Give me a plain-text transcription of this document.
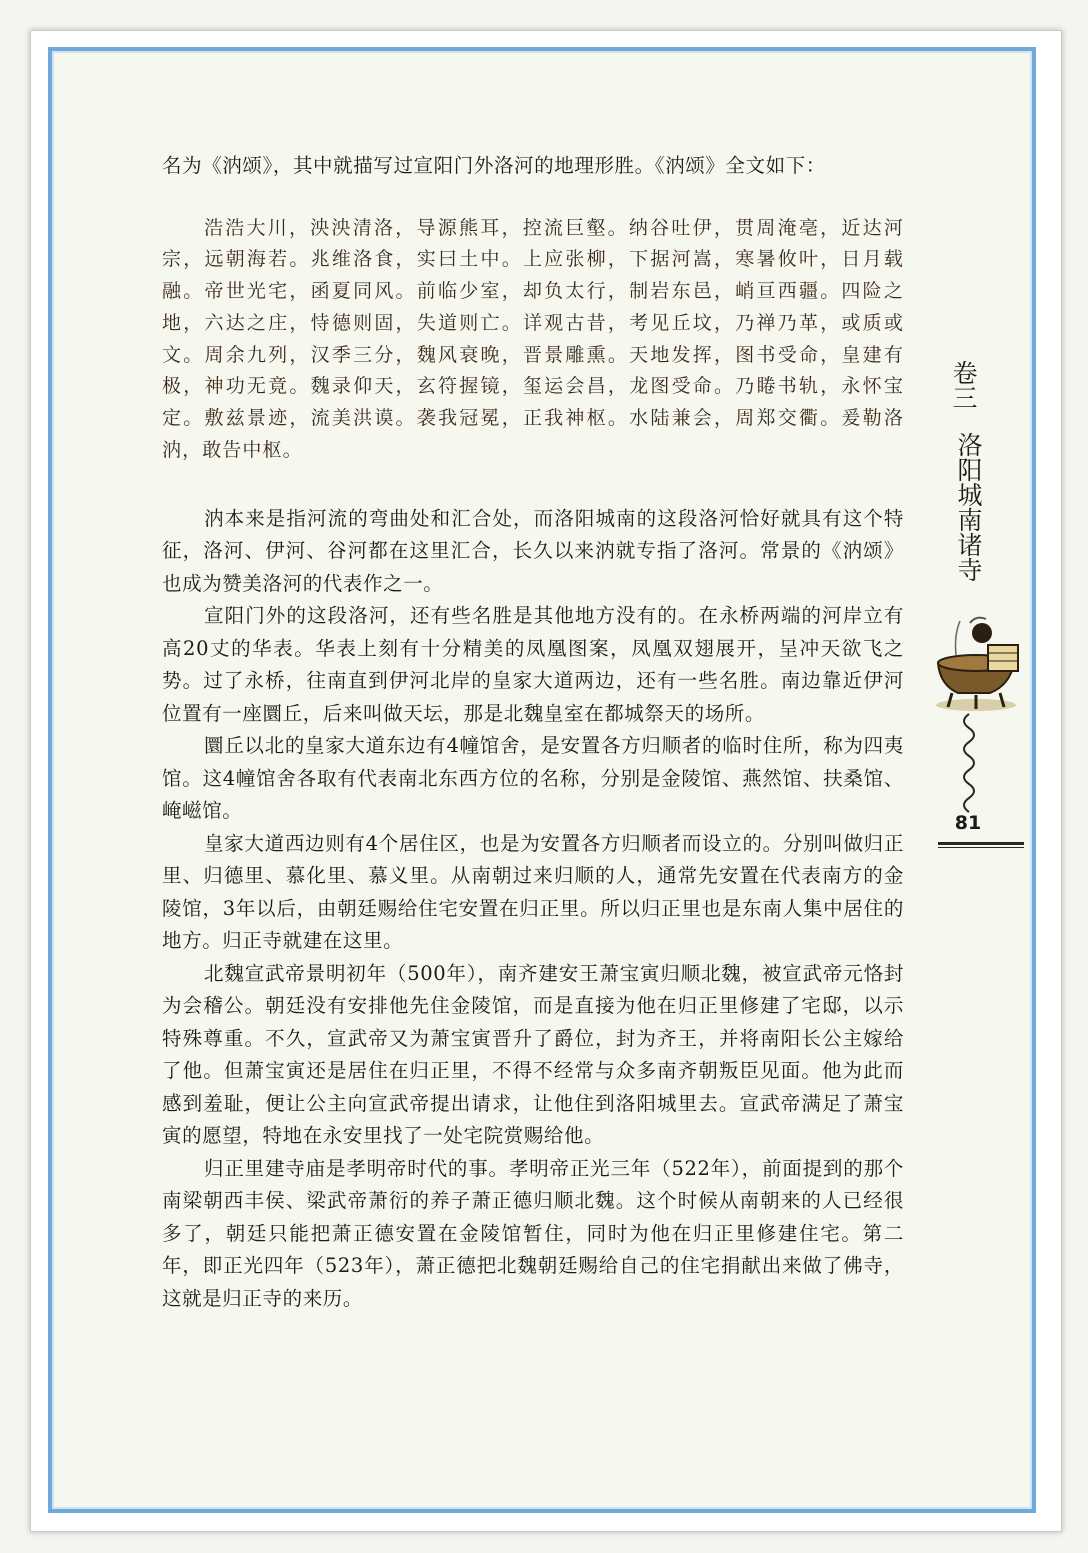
名为《汭颂》，其中就描写过宣阳门外洛河的地理形胜。《汭颂》全文如下：

浩浩大川，泱泱清洛，导源熊耳，控流巨壑。纳谷吐伊，贯周淹亳，近达河宗，远朝海若。兆维洛食，实曰土中。上应张柳，下据河嵩，寒暑攸叶，日月载融。帝世光宅，函夏同风。前临少室，却负太行，制岩东邑，峭亘西疆。四险之地，六达之庄，恃德则固，失道则亡。详观古昔，考见丘坟，乃禅乃革，或质或文。周余九列，汉季三分，魏风衰晚，晋景雕熏。天地发挥，图书受命，皇建有极，神功无竟。魏录仰天，玄符握镜，玺运会昌，龙图受命。乃睠书轨，永怀宝定。敷兹景迹，流美洪谟。袭我冠冕，正我神枢。水陆兼会，周郑交衢。爰勒洛汭，敢告中枢。

汭本来是指河流的弯曲处和汇合处，而洛阳城南的这段洛河恰好就具有这个特征，洛河、伊河、谷河都在这里汇合，长久以来汭就专指了洛河。常景的《汭颂》也成为赞美洛河的代表作之一。

宣阳门外的这段洛河，还有些名胜是其他地方没有的。在永桥两端的河岸立有高20丈的华表。华表上刻有十分精美的凤凰图案，凤凰双翅展开，呈冲天欲飞之势。过了永桥，往南直到伊河北岸的皇家大道两边，还有一些名胜。南边靠近伊河位置有一座圜丘，后来叫做天坛，那是北魏皇室在都城祭天的场所。

圜丘以北的皇家大道东边有4幢馆舍，是安置各方归顺者的临时住所，称为四夷馆。这4幢馆舍各取有代表南北东西方位的名称，分别是金陵馆、燕然馆、扶桑馆、崦嵫馆。

皇家大道西边则有4个居住区，也是为安置各方归顺者而设立的。分别叫做归正里、归德里、慕化里、慕义里。从南朝过来归顺的人，通常先安置在代表南方的金陵馆，3年以后，由朝廷赐给住宅安置在归正里。所以归正里也是东南人集中居住的地方。归正寺就建在这里。

北魏宣武帝景明初年（500年），南齐建安王萧宝寅归顺北魏，被宣武帝元恪封为会稽公。朝廷没有安排他先住金陵馆，而是直接为他在归正里修建了宅邸，以示特殊尊重。不久，宣武帝又为萧宝寅晋升了爵位，封为齐王，并将南阳长公主嫁给了他。但萧宝寅还是居住在归正里，不得不经常与众多南齐朝叛臣见面。他为此而感到羞耻，便让公主向宣武帝提出请求，让他住到洛阳城里去。宣武帝满足了萧宝寅的愿望，特地在永安里找了一处宅院赏赐给他。

归正里建寺庙是孝明帝时代的事。孝明帝正光三年（522年），前面提到的那个南梁朝西丰侯、梁武帝萧衍的养子萧正德归顺北魏。这个时候从南朝来的人已经很多了，朝廷只能把萧正德安置在金陵馆暂住，同时为他在归正里修建住宅。第二年，即正光四年（523年），萧正德把北魏朝廷赐给自己的住宅捐献出来做了佛寺，这就是归正寺的来历。

卷三
洛阳城南诸寺
81
